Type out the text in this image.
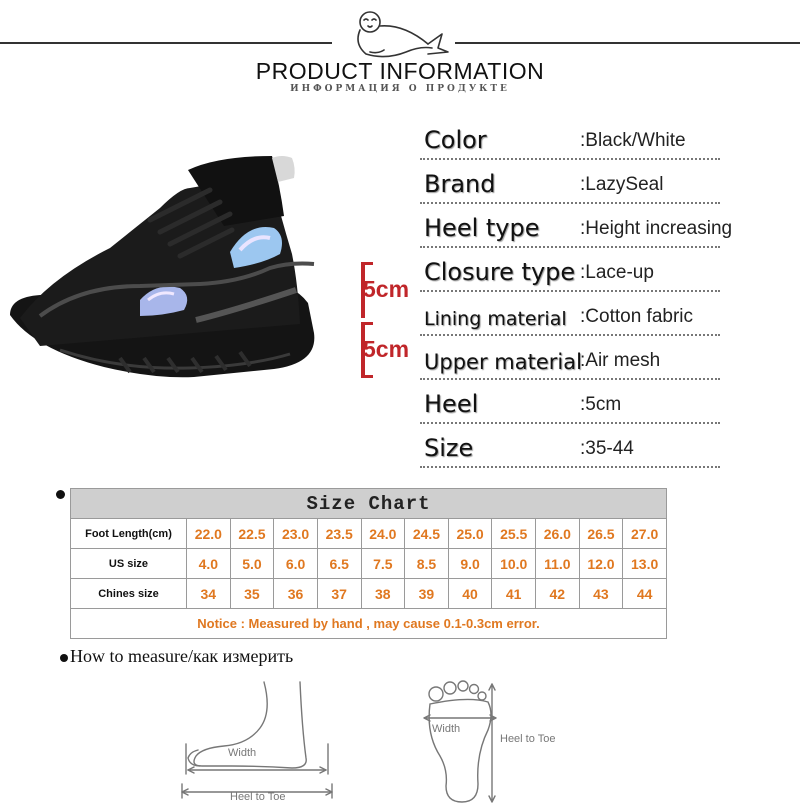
PRODUCT INFORMATION
ИНФОРМАЦИЯ О ПРОДУКТЕ
5cm
5cm
Color	:Black/White
Brand	:LazySeal
Heel type :Height increasing
Closure type :Lace-up
Lining material :Cotton fabric
Upper material
:Air mesh
Heel	:5cm
Size	:35-44
Size Chart											
Foot Length(cm)	22.0	22.5	23.0	23.5	24.0	24.5	25.0	25.5	26.0	26.5	27.0
US size	4.0	5.0	6.0	6.5	7.5	8.5	9.0	10.0	11.0	12.0	13.0
Chines size	34	35	36	37	38	39	40	41	42	43	44
Notice : Measured by hand , may cause 0.1-0.3cm error.											
How to measure/как измерить
Width
Heel to Toe
Width
Heel to Toe
